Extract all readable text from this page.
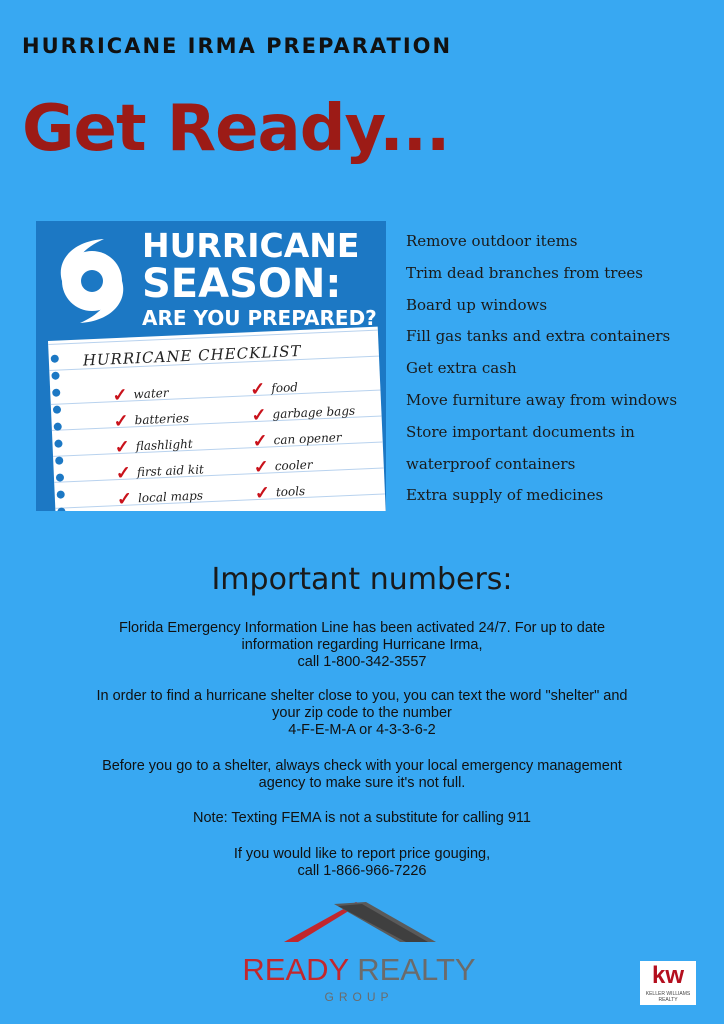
HURRICANE IRMA PREPARATION
Get Ready...
HURRICANE
SEASON:
ARE YOU PREPARED?
HURRICANE CHECKLIST
✓ water
✓ batteries
✓ flashlight
✓ first aid kit
✓ local maps
✓ food
✓ garbage bags
✓ can opener
✓ cooler
✓ tools
Remove outdoor items
Trim dead branches from trees
Board up windows
Fill gas tanks and extra containers
Get extra cash
Move furniture away from windows
Store important documents in
waterproof containers
Extra supply of medicines
Important numbers:
Florida Emergency Information Line has been activated 24/7. For up to date
information regarding Hurricane Irma,
call 1-800-342-3557
In order to find a hurricane shelter close to you, you can text the word "shelter" and
your zip code to the number
4-F-E-M-A or 4-3-3-6-2
Before you go to a shelter, always check with your local emergency management
agency to make sure it's not full.
Note: Texting FEMA is not a substitute for calling 911
If you would like to report price gouging,
call 1-866-966-7226
READY REALTY
GROUP
kw
KELLER WILLIAMS REALTY
